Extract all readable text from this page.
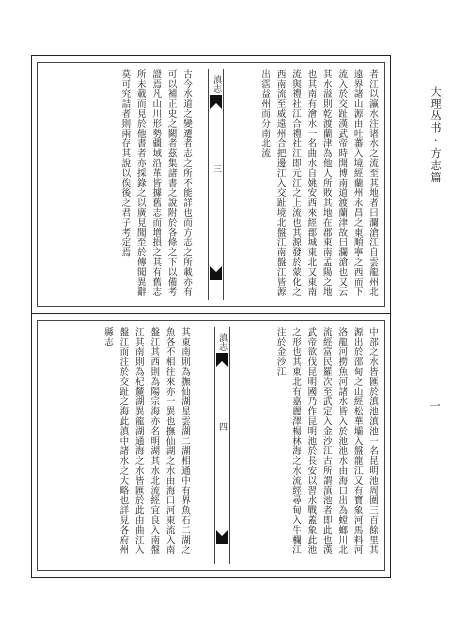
大理丛书 · 方志篇
一
者江以瀛水注诸水之流至其地者曰瀾滄江自雲龍州北遠界諸山源由吐蕃入境經蘭州永昌之東順寧之西而下流入於交趾漢武帝時開博南道渡蘭津故曰瀾滄也又云其水溢則乾渡蘭津為他人所敗其地在郡東南孟陽之地也其南有澮水一名曲水自姚安西來經郡城東北又東南流與禮社江合禮社江即元江之上流也其源發於蒙化之西南流至威遠州合把邊江入交趾境北盤江南盤江皆源出霑益州而分南北流
滇志
三
古今水道之變遷者志之所不能詳也而方志之所載亦有可以補正史之闕者茲集諸書之說附於各條之下以備考證焉凡山川形勢疆域沿革皆據舊志而增損之其有舊志所未載而見於他書者亦採錄之以廣見聞至於傳聞異辭莫可究詰者則兩存其說以俟後之君子考定焉
中部之水皆匯於滇池滇池一名昆明池周圍三百餘里其源出於邵甸之山經松華壩入盤龍江又有寶象河馬料河洛龍河撈魚河諸水皆入於池池水由海口出為螳螂川北流經富民羅次至武定入金沙江古所謂滇池者即此也漢武帝欲伐昆明國乃作昆明池於長安以習水戰蓋象此池之形也其東北有嘉麗澤楊林海之水流經尋甸入牛欄江注於金沙江
滇志
四
其東南則為撫仙湖星雲湖二湖相通中有界魚石二湖之魚各不相往來亦一異也撫仙湖之水由海口河東流入南盤江其西則為陽宗海亦名明湖其水北流經宜良入南盤江其南則為杞麓湖異龍湖通海之水皆匯於此由曲江入盤江而注於交趾之海此滇中諸水之大略也詳見各府州縣志
